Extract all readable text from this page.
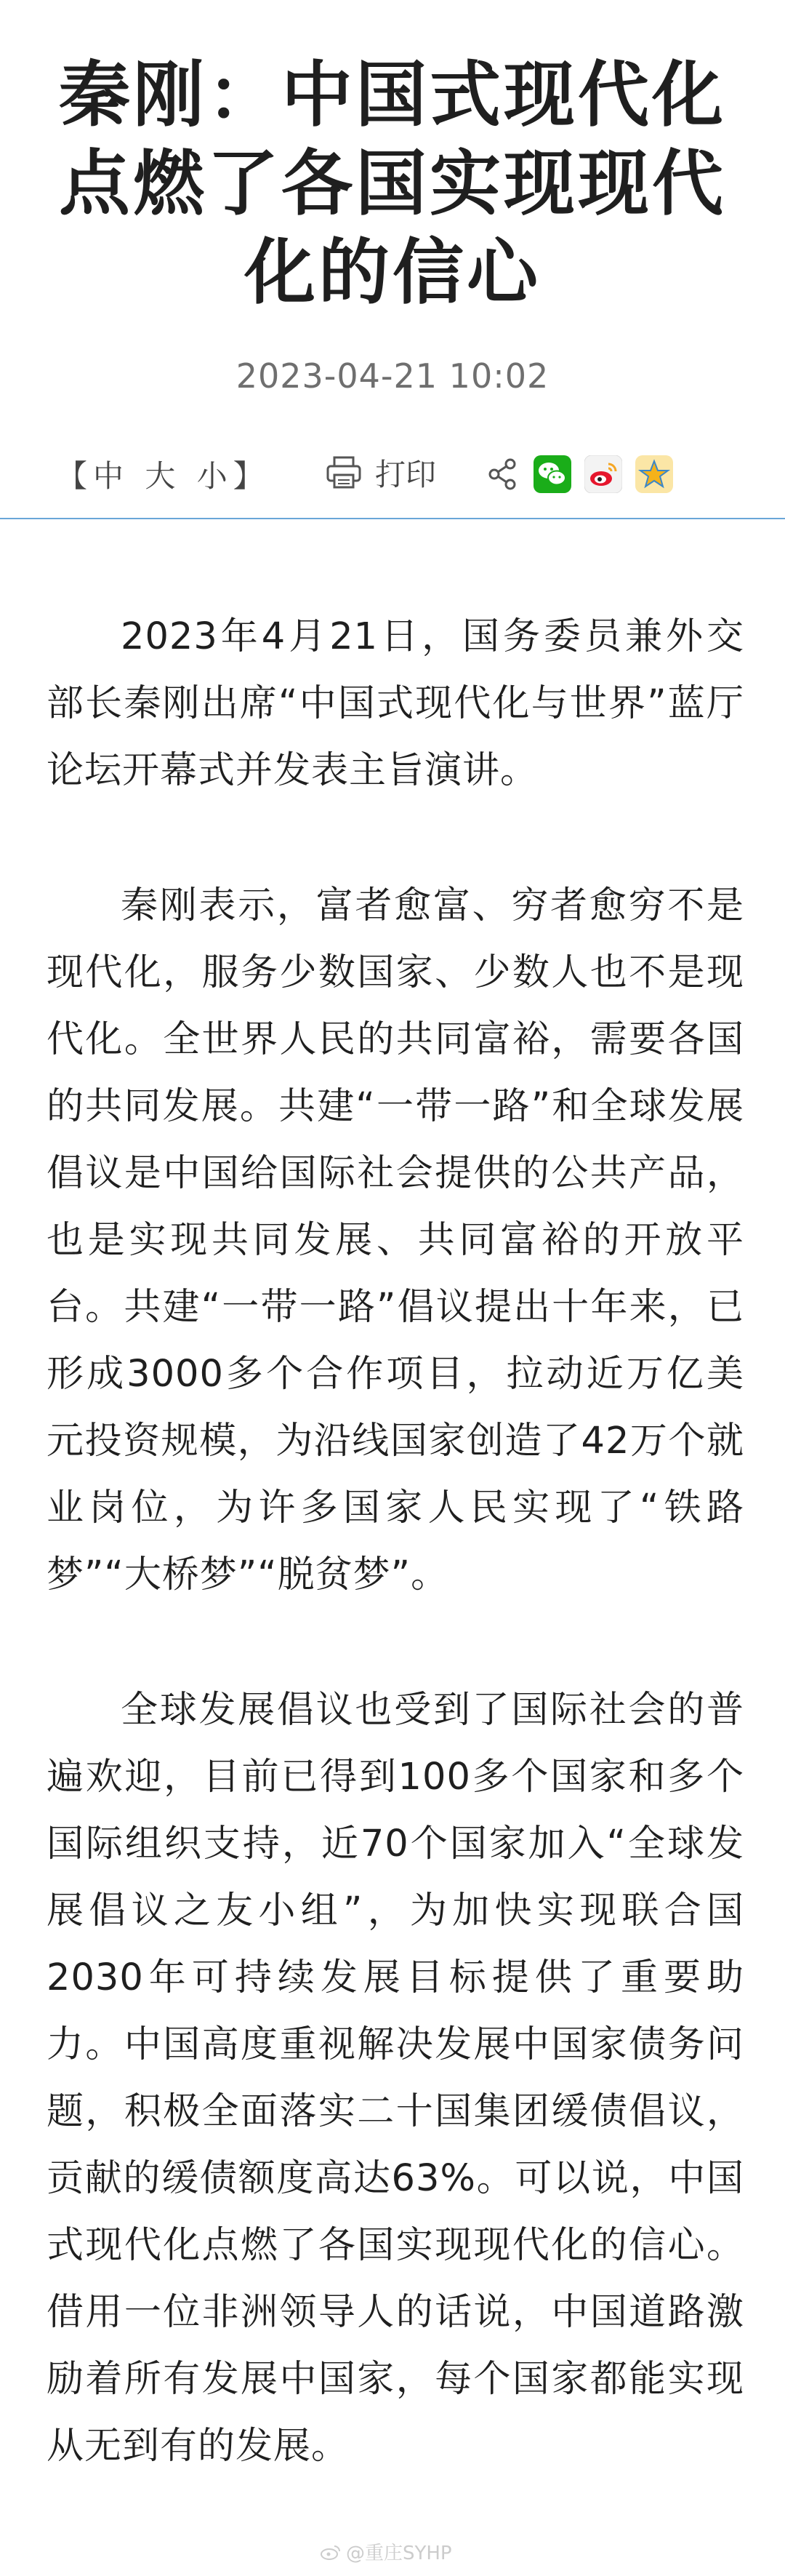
秦刚：中国式现代化点燃了各国实现现代化的信心
2023-04-21 10:02
【中 大 小】	打印

2023年4月21日，国务委员兼外交部长秦刚出席“中国式现代化与世界”蓝厅论坛开幕式并发表主旨演讲。

秦刚表示，富者愈富、穷者愈穷不是现代化，服务少数国家、少数人也不是现代化。全世界人民的共同富裕，需要各国的共同发展。共建“一带一路”和全球发展倡议是中国给国际社会提供的公共产品，也是实现共同发展、共同富裕的开放平台。共建“一带一路”倡议提出十年来，已形成3000多个合作项目，拉动近万亿美元投资规模，为沿线国家创造了42万个就业岗位，为许多国家人民实现了“铁路梦”“大桥梦”“脱贫梦”。

全球发展倡议也受到了国际社会的普遍欢迎，目前已得到100多个国家和多个国际组织支持，近70个国家加入“全球发展倡议之友小组”，为加快实现联合国2030年可持续发展目标提供了重要助力。中国高度重视解决发展中国家债务问题，积极全面落实二十国集团缓债倡议，贡献的缓债额度高达63%。可以说，中国式现代化点燃了各国实现现代化的信心。借用一位非洲领导人的话说，中国道路激励着所有发展中国家，每个国家都能实现从无到有的发展。

@重庄SYHP
